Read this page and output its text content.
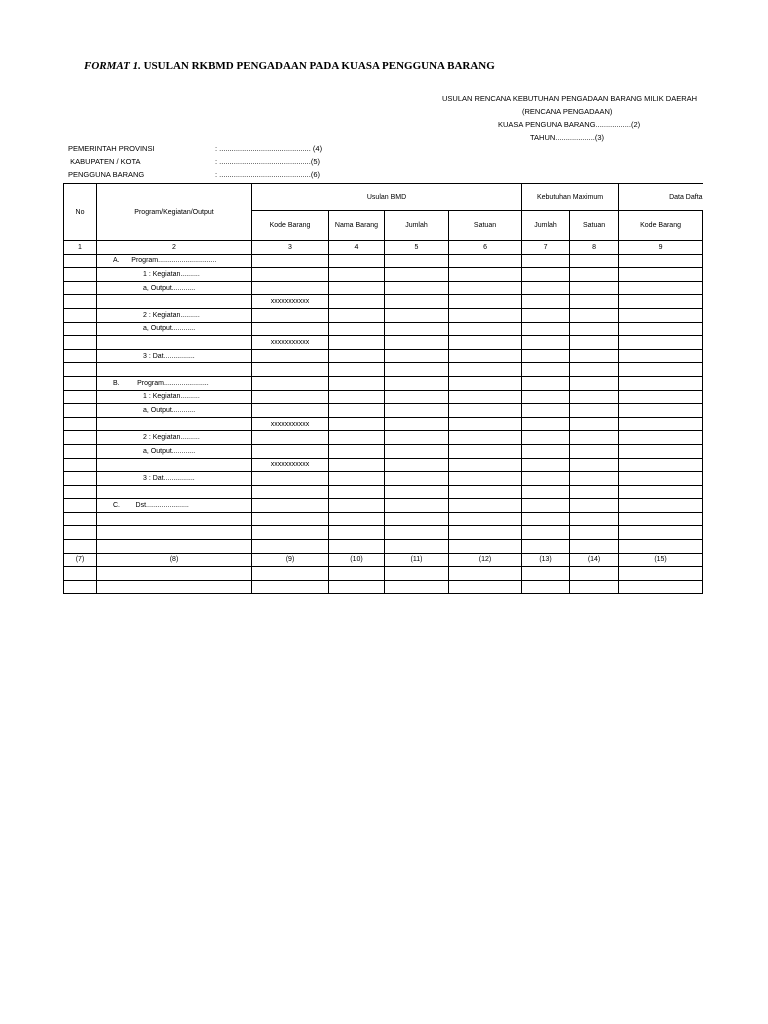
FORMAT 1. USULAN RKBMD PENGADAAN PADA KUASA PENGGUNA BARANG
USULAN RENCANA KEBUTUHAN PENGADAAN BARANG MILIK DAERAH
(RENCANA PENGADAAN)
KUASA PENGUNA BARANG.................(2)
TAHUN...................(3)
PEMERINTAH PROVINSI	: ............................................ (4)
KABUPATEN / KOTA	: ............................................(5)
PENGGUNA BARANG	: ............................................(6)
No	Program/Kegiatan/Output	Usulan BMD				Kebutuhan Maximum		Data Dafta
		Kode Barang	Nama Barang	Jumlah	Satuan	Jumlah	Satuan	Kode Barang
1	2	3	4	5	6	7	8	9
	A.      Program..............................							
	1 : Kegiatan..........							
	a, Output............							
		xxxxxxxxxxx						
	2 : Kegiatan..........							
	a, Output............							
		xxxxxxxxxxx						
	3 : Dat................							

	B.         Program.......................							
	1 : Kegiatan..........							
	a, Output............							
		xxxxxxxxxxx						
	2 : Kegiatan..........							
	a, Output............							
		xxxxxxxxxxx						
	3 : Dat................							

	C.        Dst......................							

(7)	(8)	(9)	(10)	(11)	(12)	(13)	(14)	(15)
